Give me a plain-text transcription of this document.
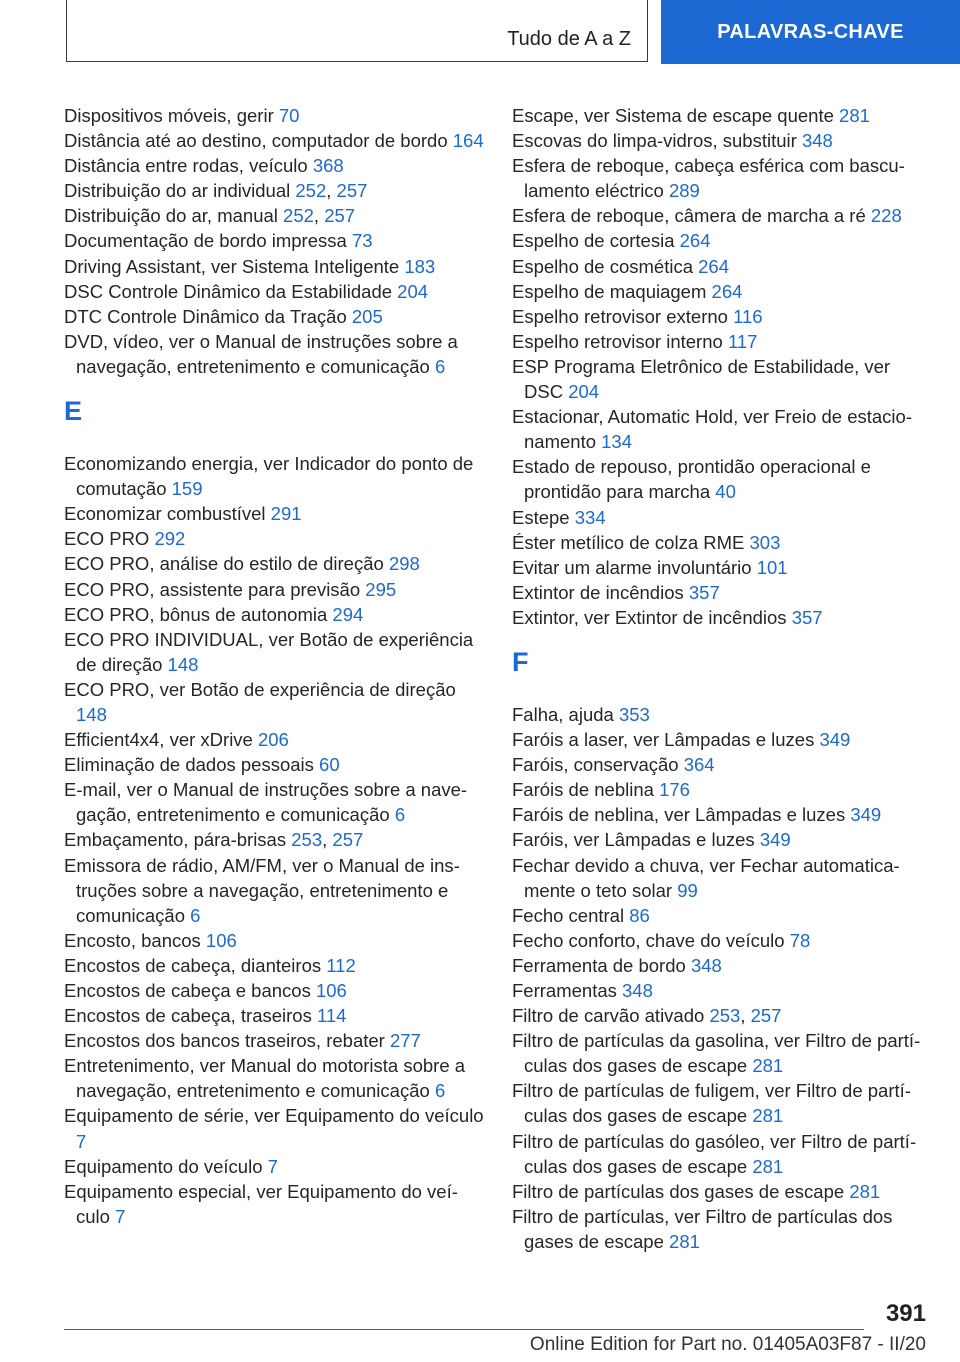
Tudo de A a Z	PALAVRAS-CHAVE

Dispositivos móveis, gerir 70

Distância até ao destino, computador de bordo 164

Distância entre rodas, veículo 368

Distribuição do ar individual 252, 257

Distribuição do ar, manual 252, 257

Documentação de bordo impressa 73

Driving Assistant, ver Sistema Inteligente 183

DSC Controle Dinâmico da Estabilidade 204

DTC Controle Dinâmico da Tração 205

DVD, vídeo, ver o Manual de instruções sobre a navegação, entretenimento e comunicação 6

E

Economizando energia, ver Indicador do ponto de comutação 159

Economizar combustível 291

ECO PRO 292

ECO PRO, análise do estilo de direção 298

ECO PRO, assistente para previsão 295

ECO PRO, bônus de autonomia 294

ECO PRO INDIVIDUAL, ver Botão de experiência de direção 148

ECO PRO, ver Botão de experiência de direção 148

Efficient4x4, ver xDrive 206

Eliminação de dados pessoais 60

E-mail, ver o Manual de instruções sobre a navegação, entretenimento e comunicação 6

Embaçamento, pára-brisas 253, 257

Emissora de rádio, AM/FM, ver o Manual de instruções sobre a navegação, entretenimento e comunicação 6

Encosto, bancos 106

Encostos de cabeça, dianteiros 112

Encostos de cabeça e bancos 106

Encostos de cabeça, traseiros 114

Encostos dos bancos traseiros, rebater 277

Entretenimento, ver Manual do motorista sobre a navegação, entretenimento e comunicação 6

Equipamento de série, ver Equipamento do veículo 7

Equipamento do veículo 7

Equipamento especial, ver Equipamento do veículo 7

Escape, ver Sistema de escape quente 281

Escovas do limpa-vidros, substituir 348

Esfera de reboque, cabeça esférica com basculamento eléctrico 289

Esfera de reboque, câmera de marcha a ré 228

Espelho de cortesia 264

Espelho de cosmética 264

Espelho de maquiagem 264

Espelho retrovisor externo 116

Espelho retrovisor interno 117

ESP Programa Eletrônico de Estabilidade, ver DSC 204

Estacionar, Automatic Hold, ver Freio de estacionamento 134

Estado de repouso, prontidão operacional e prontidão para marcha 40

Estepe 334

Éster metílico de colza RME 303

Evitar um alarme involuntário 101

Extintor de incêndios 357

Extintor, ver Extintor de incêndios 357

F

Falha, ajuda 353

Faróis a laser, ver Lâmpadas e luzes 349

Faróis, conservação 364

Faróis de neblina 176

Faróis de neblina, ver Lâmpadas e luzes 349

Faróis, ver Lâmpadas e luzes 349

Fechar devido a chuva, ver Fechar automaticamente o teto solar 99

Fecho central 86

Fecho conforto, chave do veículo 78

Ferramenta de bordo 348

Ferramentas 348

Filtro de carvão ativado 253, 257

Filtro de partículas da gasolina, ver Filtro de partículas dos gases de escape 281

Filtro de partículas de fuligem, ver Filtro de partículas dos gases de escape 281

Filtro de partículas do gasóleo, ver Filtro de partículas dos gases de escape 281

Filtro de partículas dos gases de escape 281

Filtro de partículas, ver Filtro de partículas dos gases de escape 281

391
Online Edition for Part no. 01405A03F87 - II/20
